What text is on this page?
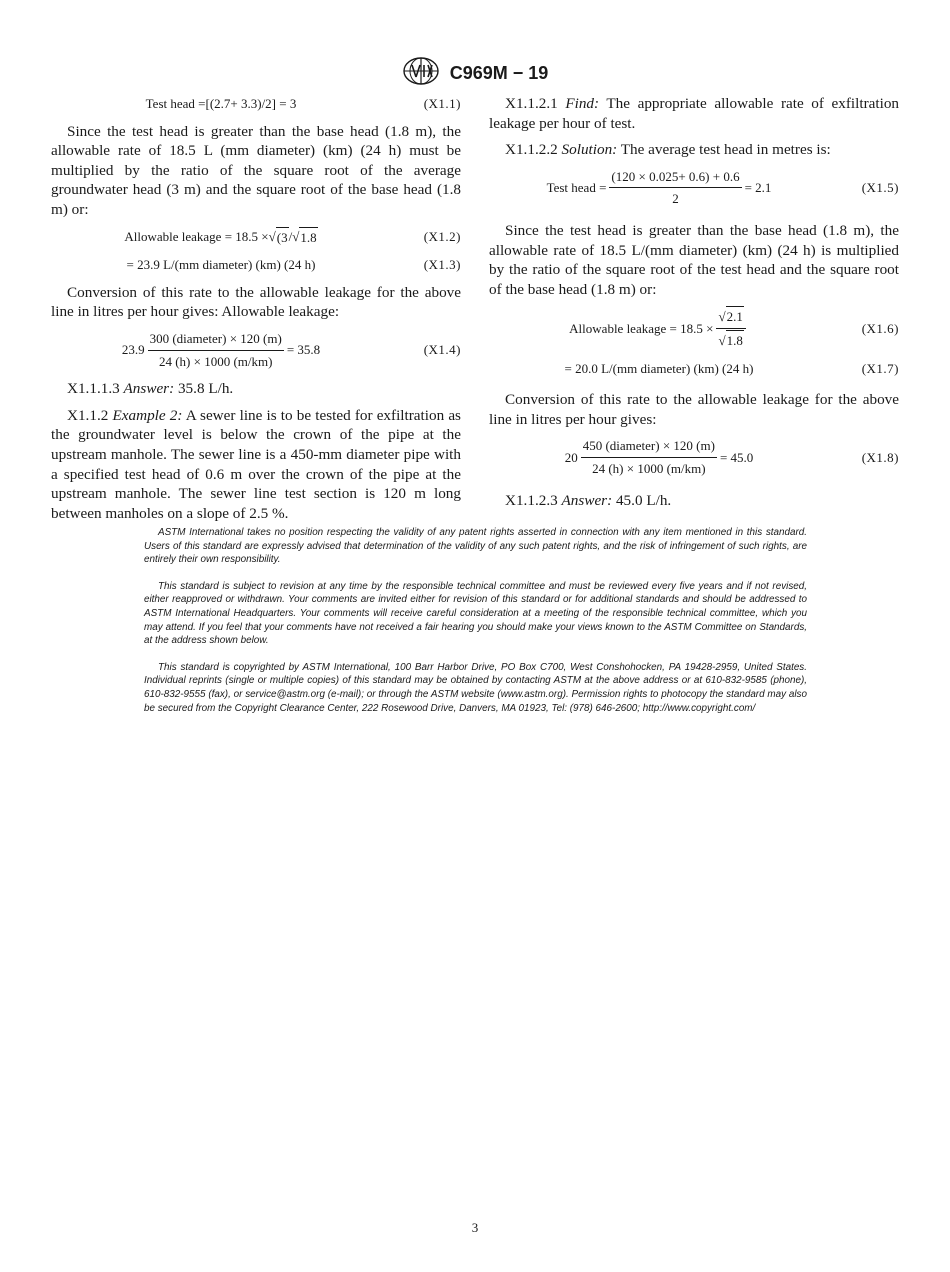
C969M − 19
Test head = [(2.7+ 3.3)/2] = 3	(X1.1)

Since the test head is greater than the base head (1.8 m), the allowable rate of 18.5 L (mm diameter) (km) (24 h) must be multiplied by the ratio of the square root of the average groundwater head (3 m) and the square root of the base head (1.8 m) or:

Allowable leakage = 18.5 × √ (3 / √ 1.8	(X1.2)
= 23.9 L/(mm diameter) (km) (24 h)	(X1.3)

Conversion of this rate to the allowable leakage for the above line in litres per hour gives: Allowable leakage:

$23.9 \frac{\text{300 (diameter) × 120 (m)}}{24 (h) \times 1000 (m/km)} = 35.8$	(X1.4)

X1.1.1.3 Answer: 35.8 L/h.

X1.1.2 Example 2: A sewer line is to be tested for exfiltration as the groundwater level is below the crown of the pipe at the upstream manhole. The sewer line is a 450-mm diameter pipe with a specified test head of 0.6 m over the crown of the pipe at the upstream manhole. The sewer line test section is 120 m long between manholes on a slope of 2.5 %.

X1.1.2.1 Find: The appropriate allowable rate of exfiltration leakage per hour of test.

X1.1.2.2 Solution: The average test head in metres is:

Test head = $\frac{(120 \times 0.025+ 0.6) + 0.6}{2} = 2.1$	(X1.5)

Since the test head is greater than the base head (1.8 m), the allowable rate of 18.5 L/(mm diameter) (km) (24 h) is multiplied by the ratio of the square root of the test head and the square root of the base head (1.8 m) or:

Allowable leakage = $18.5 \times \frac{√2.1}{√1.8}$	(X1.6)
= 20.0 L/(mm diameter) (km) (24 h)	(X1.7)

Conversion of this rate to the allowable leakage for the above line in litres per hour gives:

$20 \frac{\text{450 (diameter) × 120 (m)}}{24 (h) \times 1000 (m/km)} = 45.0$	(X1.8)

X1.1.2.3 Answer: 45.0 L/h.

ASTM International takes no position respecting the validity of any patent rights asserted in connection with any item mentioned in this standard. Users of this standard are expressly advised that determination of the validity of any such patent rights, and the risk of infringement of such rights, are entirely their own responsibility.

This standard is subject to revision at any time by the responsible technical committee and must be reviewed every five years and if not revised, either reapproved or withdrawn. Your comments are invited either for revision of this standard or for additional standards and should be addressed to ASTM International Headquarters. Your comments will receive careful consideration at a meeting of the responsible technical committee, which you may attend. If you feel that your comments have not received a fair hearing you should make your views known to the ASTM Committee on Standards, at the address shown below.

This standard is copyrighted by ASTM International, 100 Barr Harbor Drive, PO Box C700, West Conshohocken, PA 19428-2959, United States. Individual reprints (single or multiple copies) of this standard may be obtained by contacting ASTM at the above address or at 610-832-9585 (phone), 610-832-9555 (fax), or service@astm.org (e-mail); or through the ASTM website (www.astm.org). Permission rights to photocopy the standard may also be secured from the Copyright Clearance Center, 222 Rosewood Drive, Danvers, MA 01923, Tel: (978) 646-2600; http://www.copyright.com/

3
